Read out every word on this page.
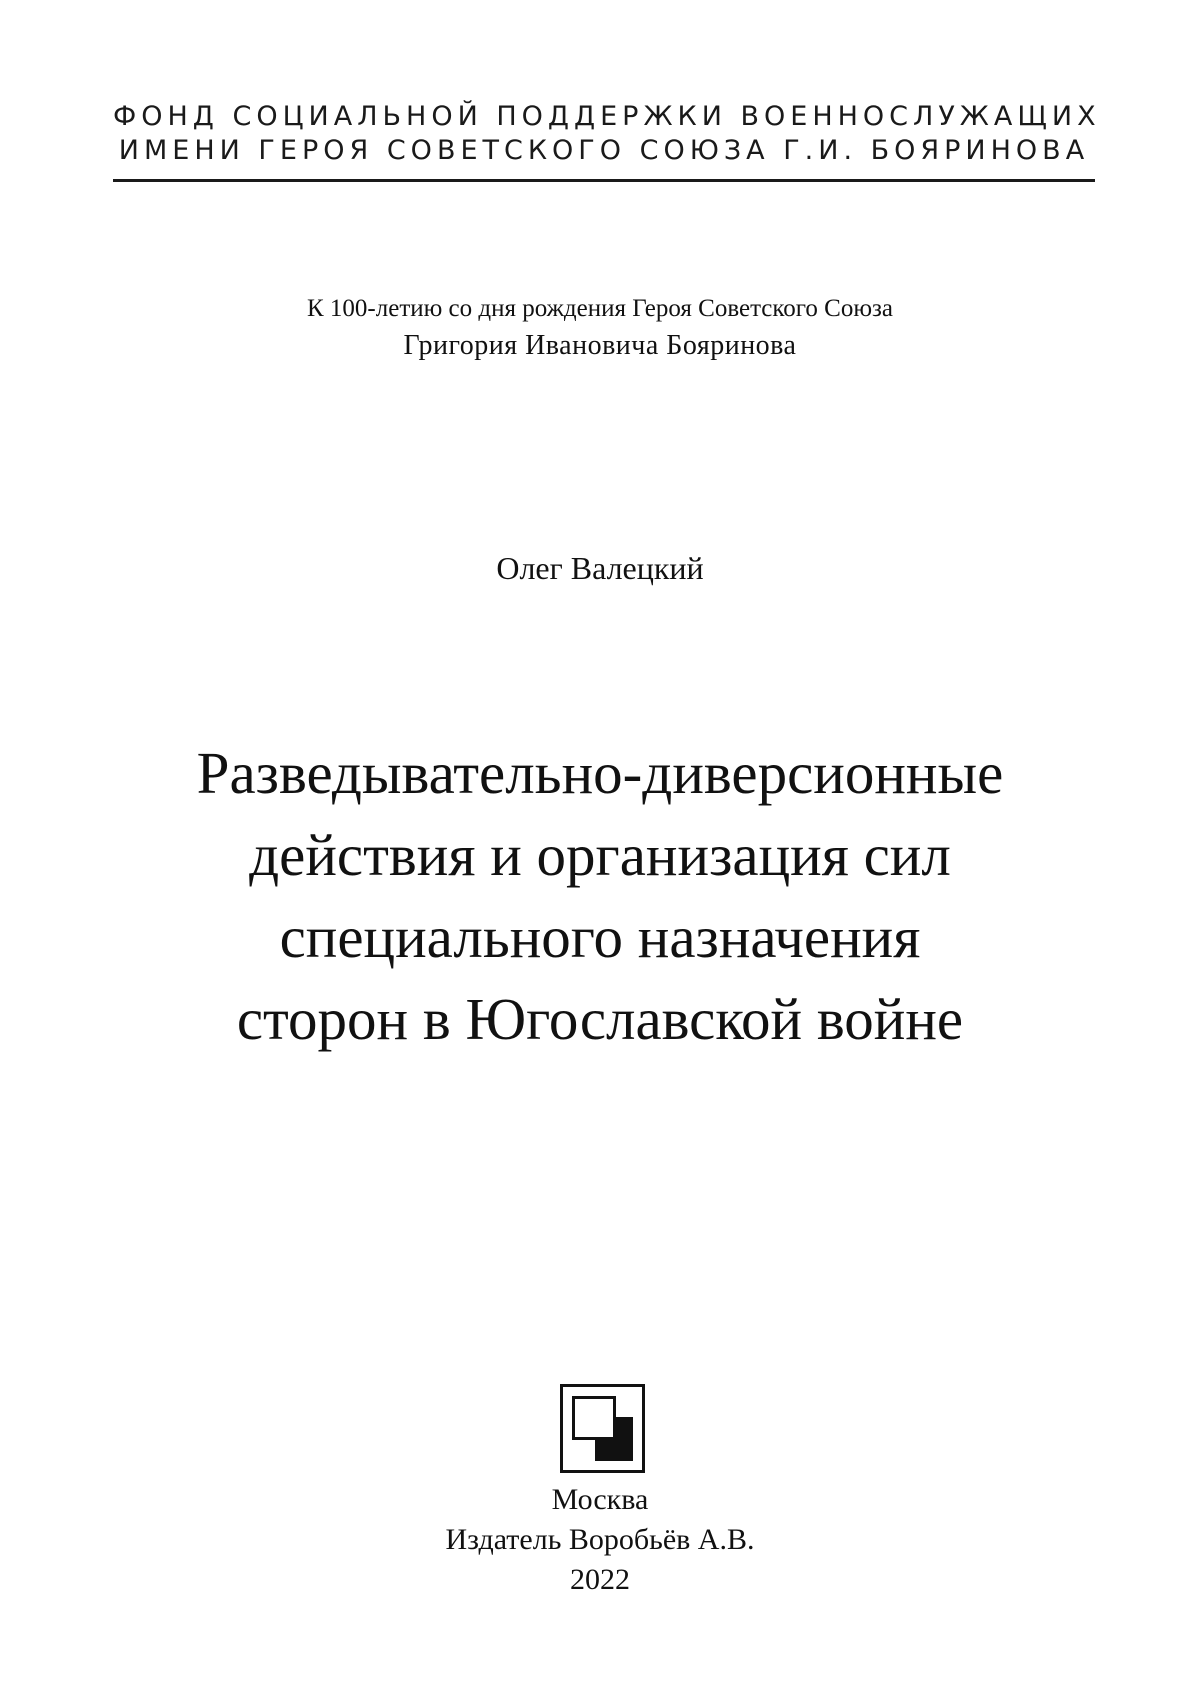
ФОНД СОЦИАЛЬНОЙ ПОДДЕРЖКИ ВОЕННОСЛУЖАЩИХ
ИМЕНИ ГЕРОЯ СОВЕТСКОГО СОЮЗА Г.И. БОЯРИНОВА
К 100-летию со дня рождения Героя Советского Союза
Григория Ивановича Бояринова
Олег Валецкий
Разведывательно-диверсионные
действия и организация сил
специального назначения
сторон в Югославской войне
Москва
Издатель Воробьёв А.В.
2022
